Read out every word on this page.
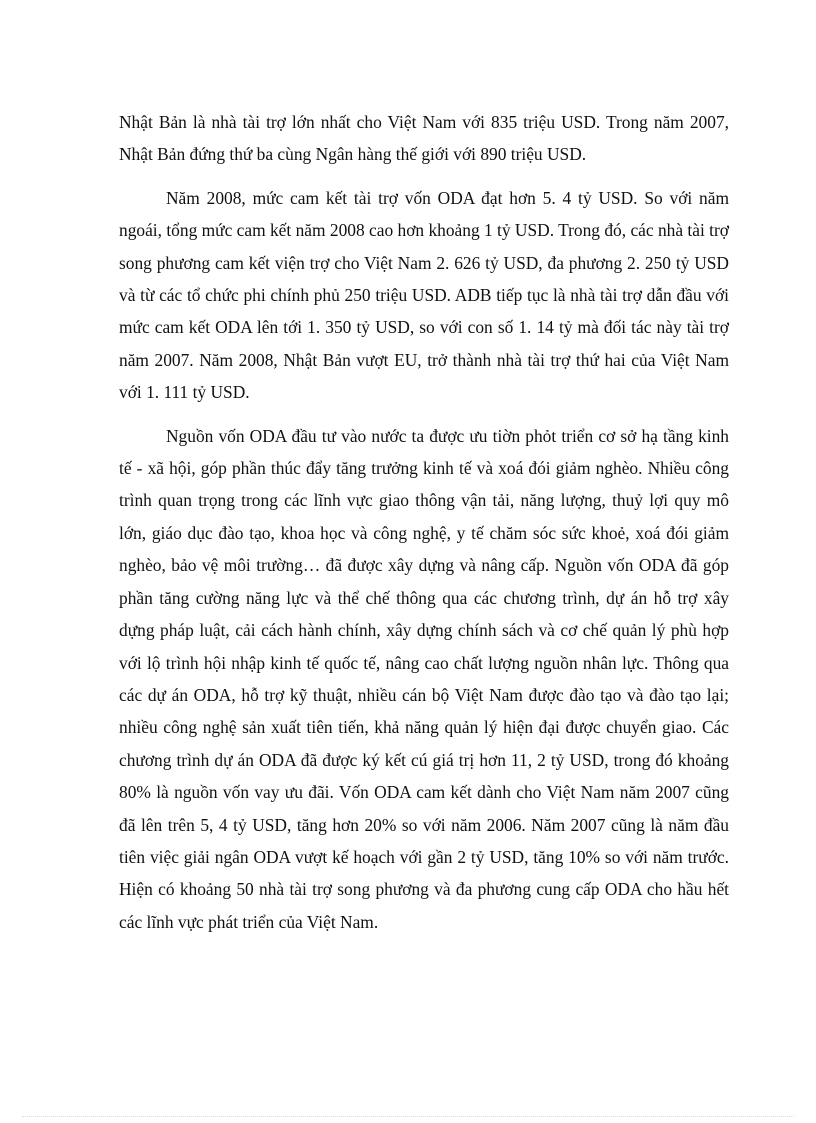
Nhật Bản là nhà tài trợ lớn nhất cho Việt Nam với 835 triệu USD. Trong năm 2007, Nhật Bản đứng thứ ba cùng Ngân hàng thế giới với 890 triệu USD.

Năm 2008, mức cam kết tài trợ vốn ODA đạt hơn 5. 4 tỷ USD. So với năm ngoái, tổng mức cam kết năm 2008 cao hơn khoảng 1 tỷ USD. Trong đó, các nhà tài trợ song phương cam kết viện trợ cho Việt Nam 2. 626 tỷ USD, đa phương 2. 250 tỷ USD và từ các tổ chức phi chính phủ 250 triệu USD. ADB tiếp tục là nhà tài trợ dẫn đầu với mức cam kết ODA lên tới 1. 350 tỷ USD, so với con số 1. 14 tỷ mà đối tác này tài trợ năm 2007. Năm 2008, Nhật Bản vượt EU, trở thành nhà tài trợ thứ hai của Việt Nam với 1. 111 tỷ USD.

Nguồn vốn ODA đầu tư vào nước ta được ưu tiờn phỏt triển cơ sở hạ tầng kinh tế - xã hội, góp phần thúc đẩy tăng trưởng kinh tế và xoá đói giảm nghèo. Nhiều công trình quan trọng trong các lĩnh vực giao thông vận tải, năng lượng, thuỷ lợi quy mô lớn, giáo dục đào tạo, khoa học và công nghệ, y tế chăm sóc sức khoẻ, xoá đói giảm nghèo, bảo vệ môi trường… đã được xây dựng và nâng cấp. Nguồn vốn ODA đã góp phần tăng cường năng lực và thể chế thông qua các chương trình, dự án hỗ trợ xây dựng pháp luật, cải cách hành chính, xây dựng chính sách và cơ chế quản lý phù hợp với lộ trình hội nhập kinh tế quốc tế, nâng cao chất lượng nguồn nhân lực. Thông qua các dự án ODA, hỗ trợ kỹ thuật, nhiều cán bộ Việt Nam được đào tạo và đào tạo lại; nhiều công nghệ sản xuất tiên tiến, khả năng quản lý hiện đại được chuyển giao. Các chương trình dự án ODA đã được ký kết cú giá trị hơn 11, 2 tỷ USD, trong đó khoảng 80% là nguồn vốn vay ưu đãi. Vốn ODA cam kết dành cho Việt Nam năm 2007 cũng đã lên trên 5, 4 tỷ USD, tăng hơn 20% so với năm 2006. Năm 2007 cũng là năm đầu tiên việc giải ngân ODA vượt kế hoạch với gần 2 tỷ USD, tăng 10% so với năm trước. Hiện có khoảng 50 nhà tài trợ song phương và đa phương cung cấp ODA cho hầu hết các lĩnh vực phát triển của Việt Nam.
